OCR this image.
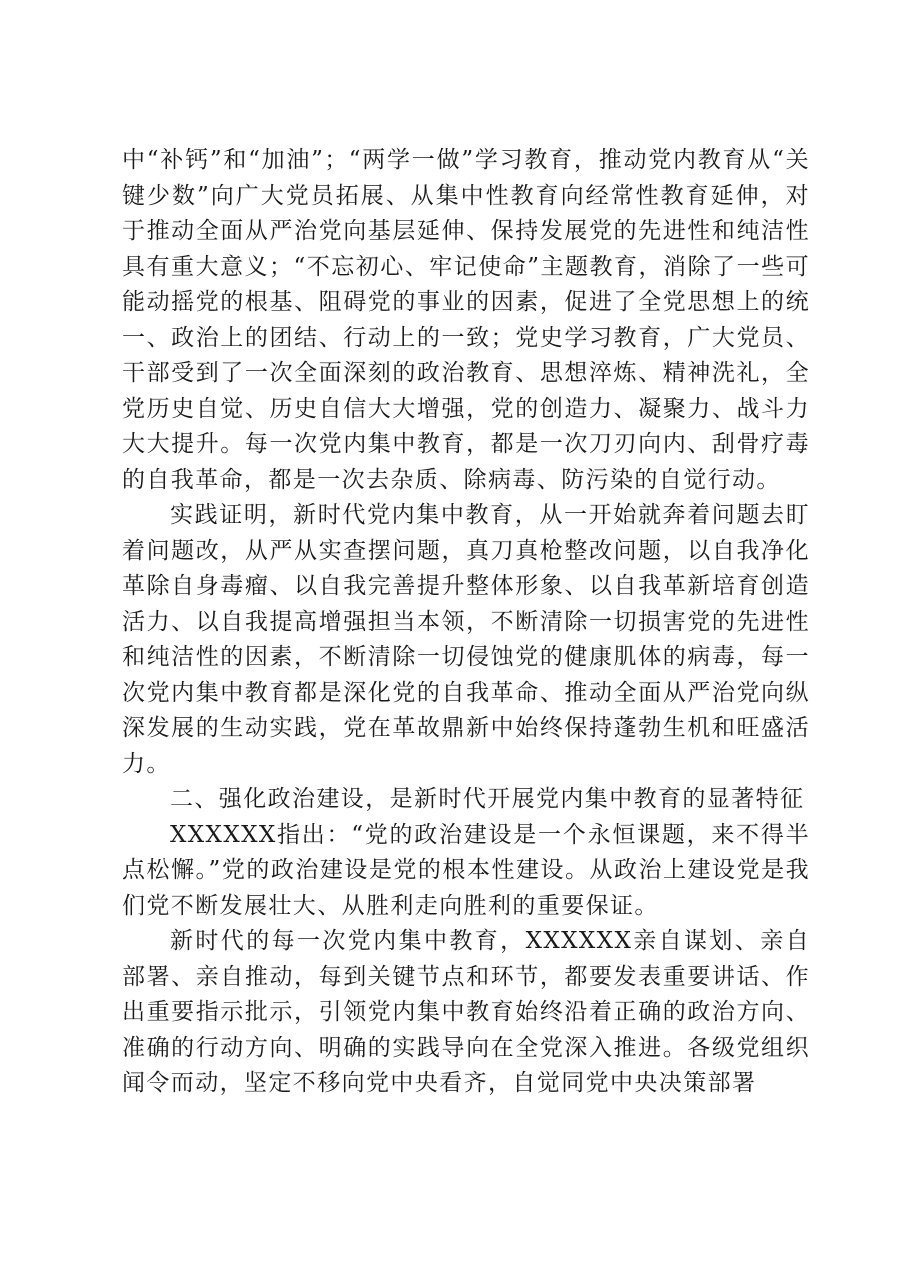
中“补钙”和“加油”；“两学一做”学习教育，推动党内教育从“关键少数”向广大党员拓展、从集中性教育向经常性教育延伸，对于推动全面从严治党向基层延伸、保持发展党的先进性和纯洁性具有重大意义；“不忘初心、牢记使命”主题教育，消除了一些可能动摇党的根基、阻碍党的事业的因素，促进了全党思想上的统一、政治上的团结、行动上的一致；党史学习教育，广大党员、干部受到了一次全面深刻的政治教育、思想淬炼、精神洗礼，全党历史自觉、历史自信大大增强，党的创造力、凝聚力、战斗力大大提升。每一次党内集中教育，都是一次刀刃向内、刮骨疗毒的自我革命，都是一次去杂质、除病毒、防污染的自觉行动。

实践证明，新时代党内集中教育，从一开始就奔着问题去盯着问题改，从严从实查摆问题，真刀真枪整改问题，以自我净化革除自身毒瘤、以自我完善提升整体形象、以自我革新培育创造活力、以自我提高增强担当本领，不断清除一切损害党的先进性和纯洁性的因素，不断清除一切侵蚀党的健康肌体的病毒，每一次党内集中教育都是深化党的自我革命、推动全面从严治党向纵深发展的生动实践，党在革故鼎新中始终保持蓬勃生机和旺盛活力。

二、强化政治建设，是新时代开展党内集中教育的显著特征

XXXXXX指出：“党的政治建设是一个永恒课题，来不得半点松懈。”党的政治建设是党的根本性建设。从政治上建设党是我们党不断发展壮大、从胜利走向胜利的重要保证。

新时代的每一次党内集中教育，XXXXXX亲自谋划、亲自部署、亲自推动，每到关键节点和环节，都要发表重要讲话、作出重要指示批示，引领党内集中教育始终沿着正确的政治方向、准确的行动方向、明确的实践导向在全党深入推进。各级党组织闻令而动，坚定不移向党中央看齐，自觉同党中央决策部署
